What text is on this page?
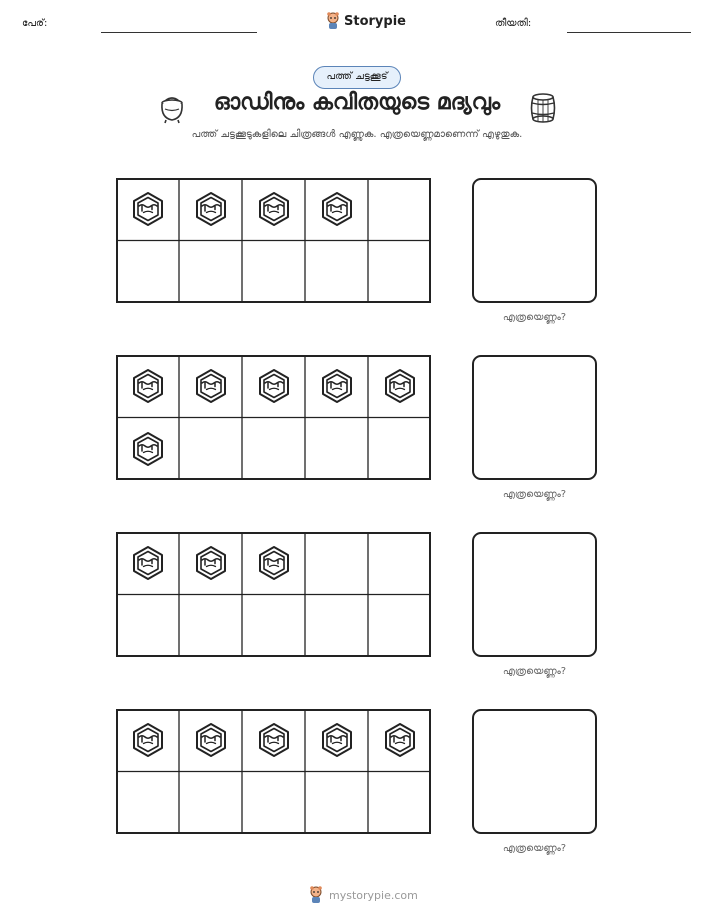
പേര്:	Storypie	തീയതി:
പത്ത് ചട്ടക്കൂട്
ഓഡിനും കവിതയുടെ മദ്യവും
പത്ത് ചട്ടക്കൂടുകളിലെ ചിത്രങ്ങൾ എണ്ണുക. എത്രയെണ്ണമാണെന്ന് എഴുതുക.
എത്രയെണ്ണം?
എത്രയെണ്ണം?
എത്രയെണ്ണം?
എത്രയെണ്ണം?
mystorypie.com
